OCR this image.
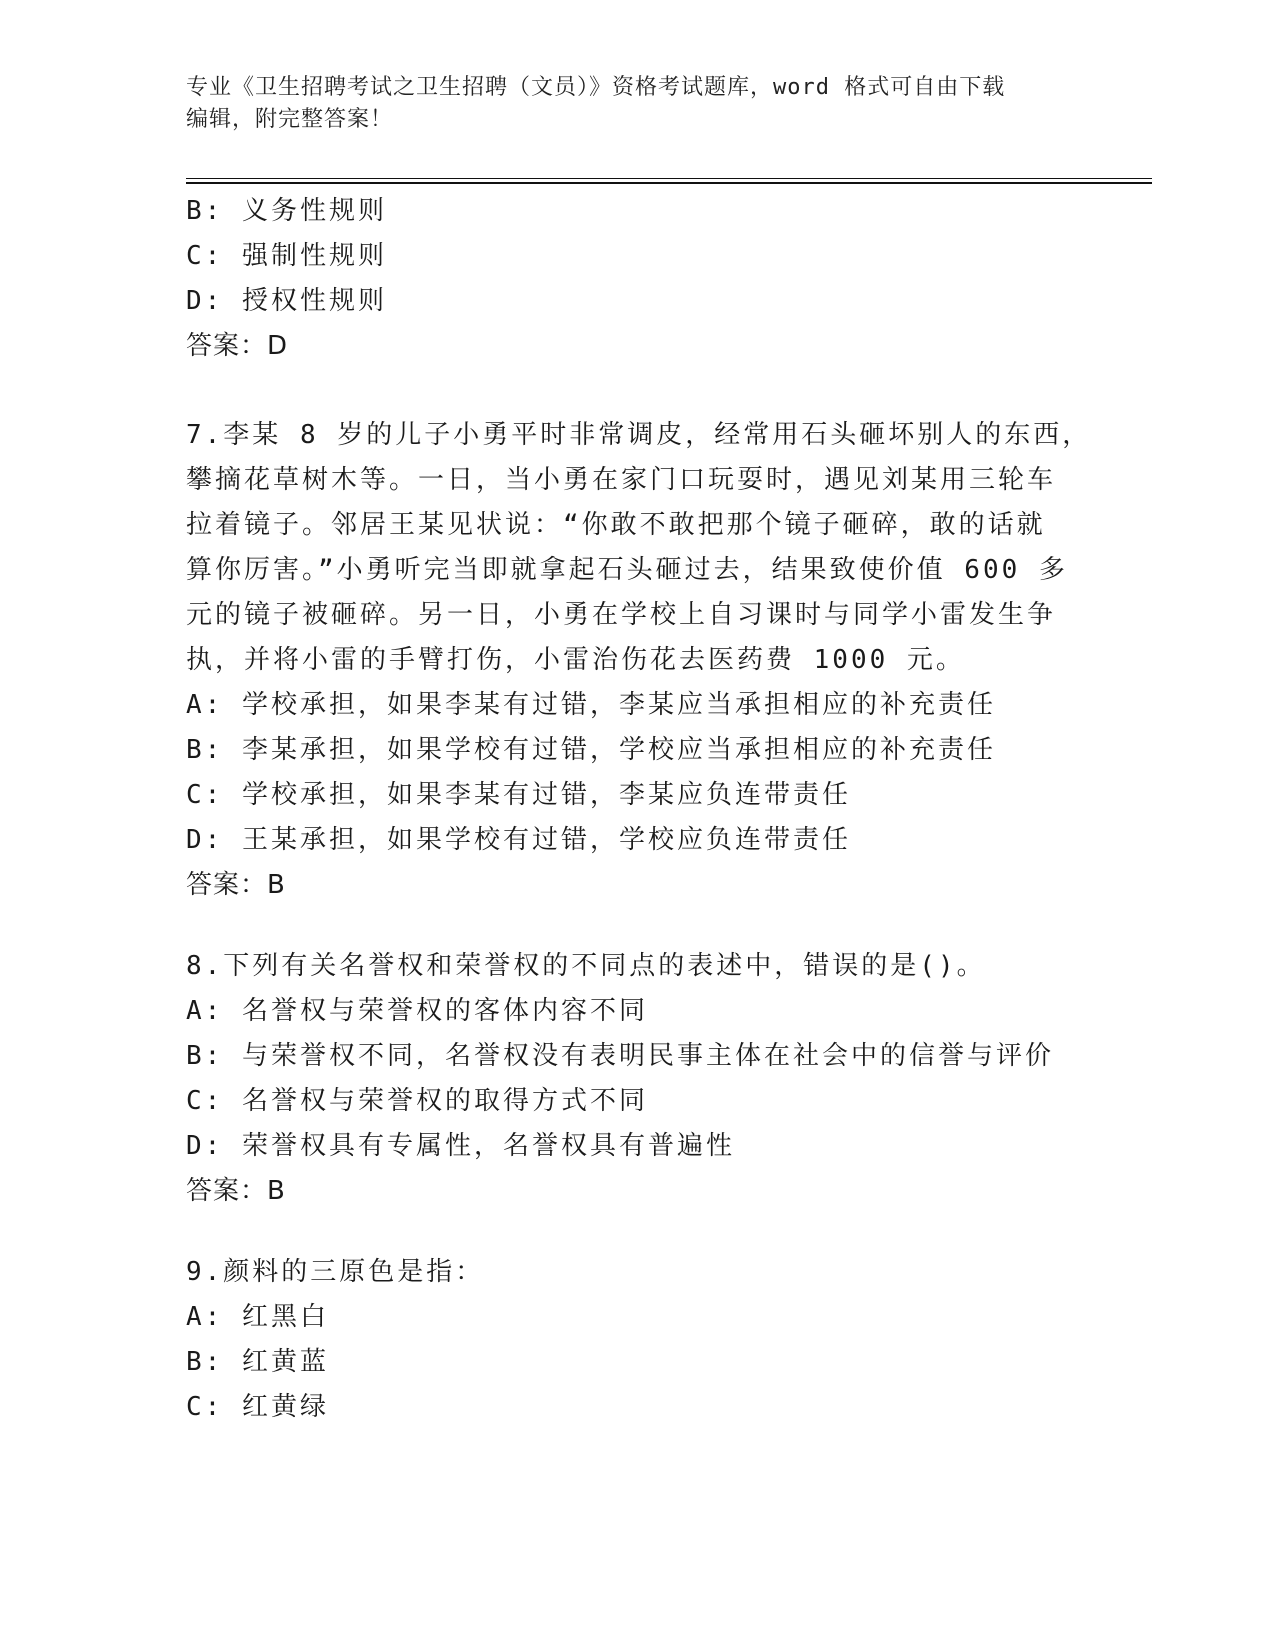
专业《卫生招聘考试之卫生招聘（文员）》资格考试题库，word 格式可自由下载
编辑，附完整答案！
B: 义务性规则
C: 强制性规则
D: 授权性规则
答案：D
7.李某 8 岁的儿子小勇平时非常调皮，经常用石头砸坏别人的东西，
攀摘花草树木等。一日，当小勇在家门口玩耍时，遇见刘某用三轮车
拉着镜子。邻居王某见状说：“你敢不敢把那个镜子砸碎，敢的话就
算你厉害。”小勇听完当即就拿起石头砸过去，结果致使价值 600 多
元的镜子被砸碎。另一日，小勇在学校上自习课时与同学小雷发生争
执，并将小雷的手臂打伤，小雷治伤花去医药费 1000 元。
A: 学校承担，如果李某有过错，李某应当承担相应的补充责任
B: 李某承担，如果学校有过错，学校应当承担相应的补充责任
C: 学校承担，如果李某有过错，李某应负连带责任
D: 王某承担，如果学校有过错，学校应负连带责任
答案：B
8.下列有关名誉权和荣誉权的不同点的表述中，错误的是()。
A: 名誉权与荣誉权的客体内容不同
B: 与荣誉权不同，名誉权没有表明民事主体在社会中的信誉与评价
C: 名誉权与荣誉权的取得方式不同
D: 荣誉权具有专属性，名誉权具有普遍性
答案：B
9.颜料的三原色是指：
A: 红黑白
B: 红黄蓝
C: 红黄绿
